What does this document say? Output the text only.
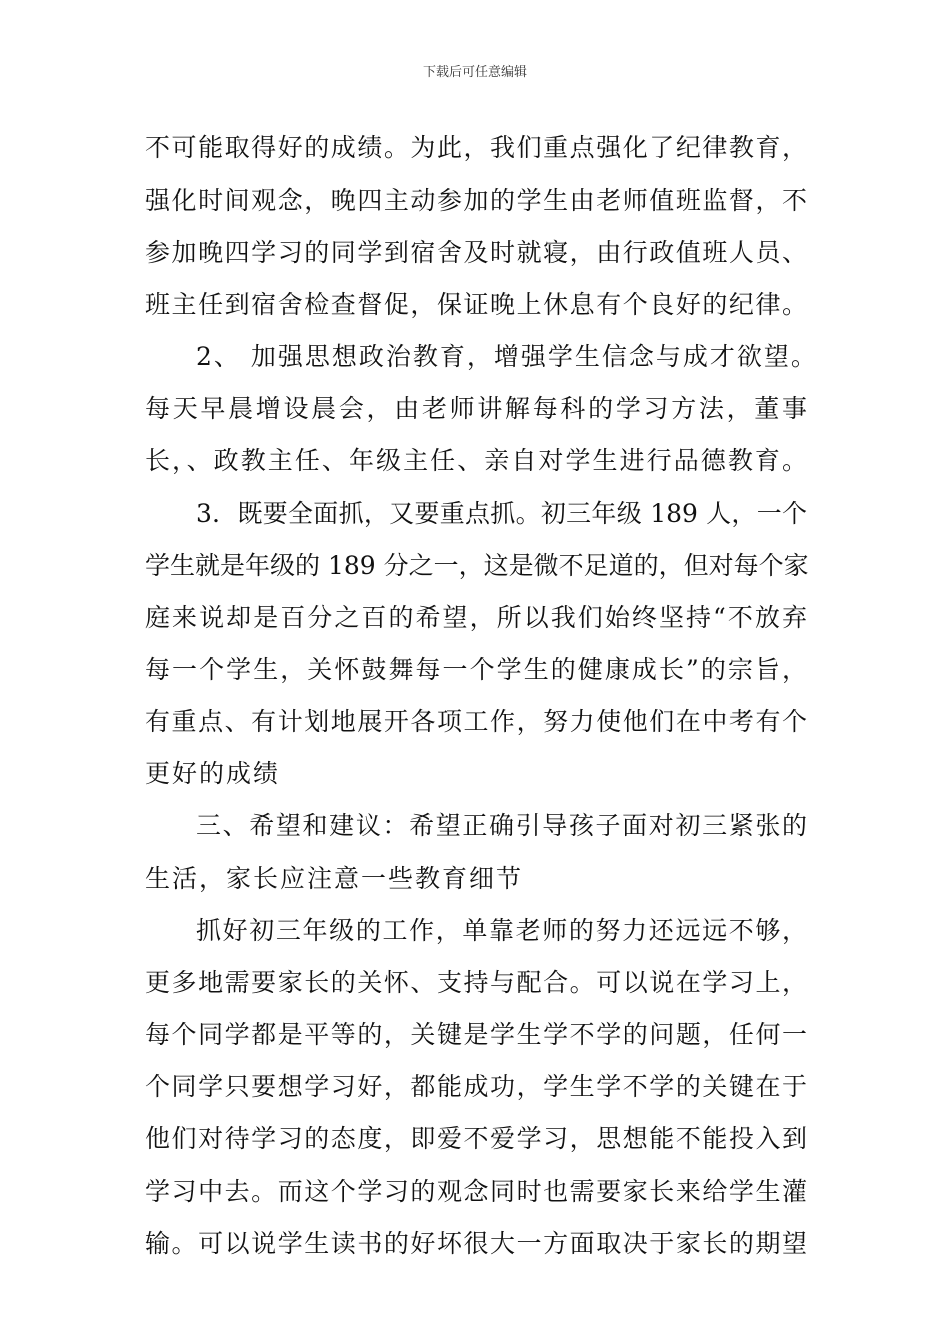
下载后可任意编辑
不可能取得好的成绩。为此，我们重点强化了纪律教育，
强化时间观念，晚四主动参加的学生由老师值班监督，不
参加晚四学习的同学到宿舍及时就寝，由行政值班人员、
班主任到宿舍检查督促，保证晚上休息有个良好的纪律。
2、 加强思想政治教育，增强学生信念与成才欲望。
每天早晨增设晨会，由老师讲解每科的学习方法，董事
长，、政教主任、年级主任、亲自对学生进行品德教育。
3．既要全面抓，又要重点抓。初三年级 189 人，一个
学生就是年级的 189 分之一，这是微不足道的，但对每个家
庭来说却是百分之百的希望，所以我们始终坚持“不放弃
每一个学生，关怀鼓舞每一个学生的健康成长”的宗旨，
有重点、有计划地展开各项工作，努力使他们在中考有个
更好的成绩
三、希望和建议：希望正确引导孩子面对初三紧张的
生活，家长应注意一些教育细节
抓好初三年级的工作，单靠老师的努力还远远不够，
更多地需要家长的关怀、支持与配合。可以说在学习上，
每个同学都是平等的，关键是学生学不学的问题，任何一
个同学只要想学习好，都能成功，学生学不学的关键在于
他们对待学习的态度，即爱不爱学习，思想能不能投入到
学习中去。而这个学习的观念同时也需要家长来给学生灌
输。可以说学生读书的好坏很大一方面取决于家长的期望
